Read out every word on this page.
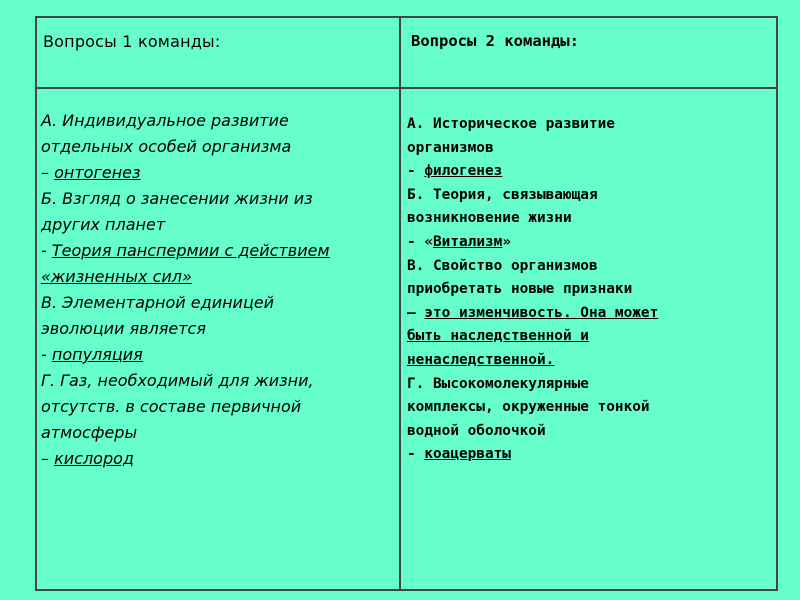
Вопросы 1 команды:	Вопросы 2 команды:
А. Индивидуальное развитие
отдельных особей организма
– онтогенез
Б. Взгляд о занесении жизни из
других планет
- Теория панспермии с действием
«жизненных сил»
В. Элементарной единицей
эволюции является
- популяция
Г. Газ, необходимый для жизни,
отсутств. в составе первичной
атмосферы
– кислород
А. Историческое развитие
организмов
- филогенез
Б. Теория, связывающая
возникновение жизни
- «Витализм»
В. Свойство организмов
приобретать новые признаки
– это изменчивость. Она может
быть наследственной и
ненаследственной.
Г. Высокомолекулярные
комплексы, окруженные тонкой
водной оболочкой
- коацерваты
